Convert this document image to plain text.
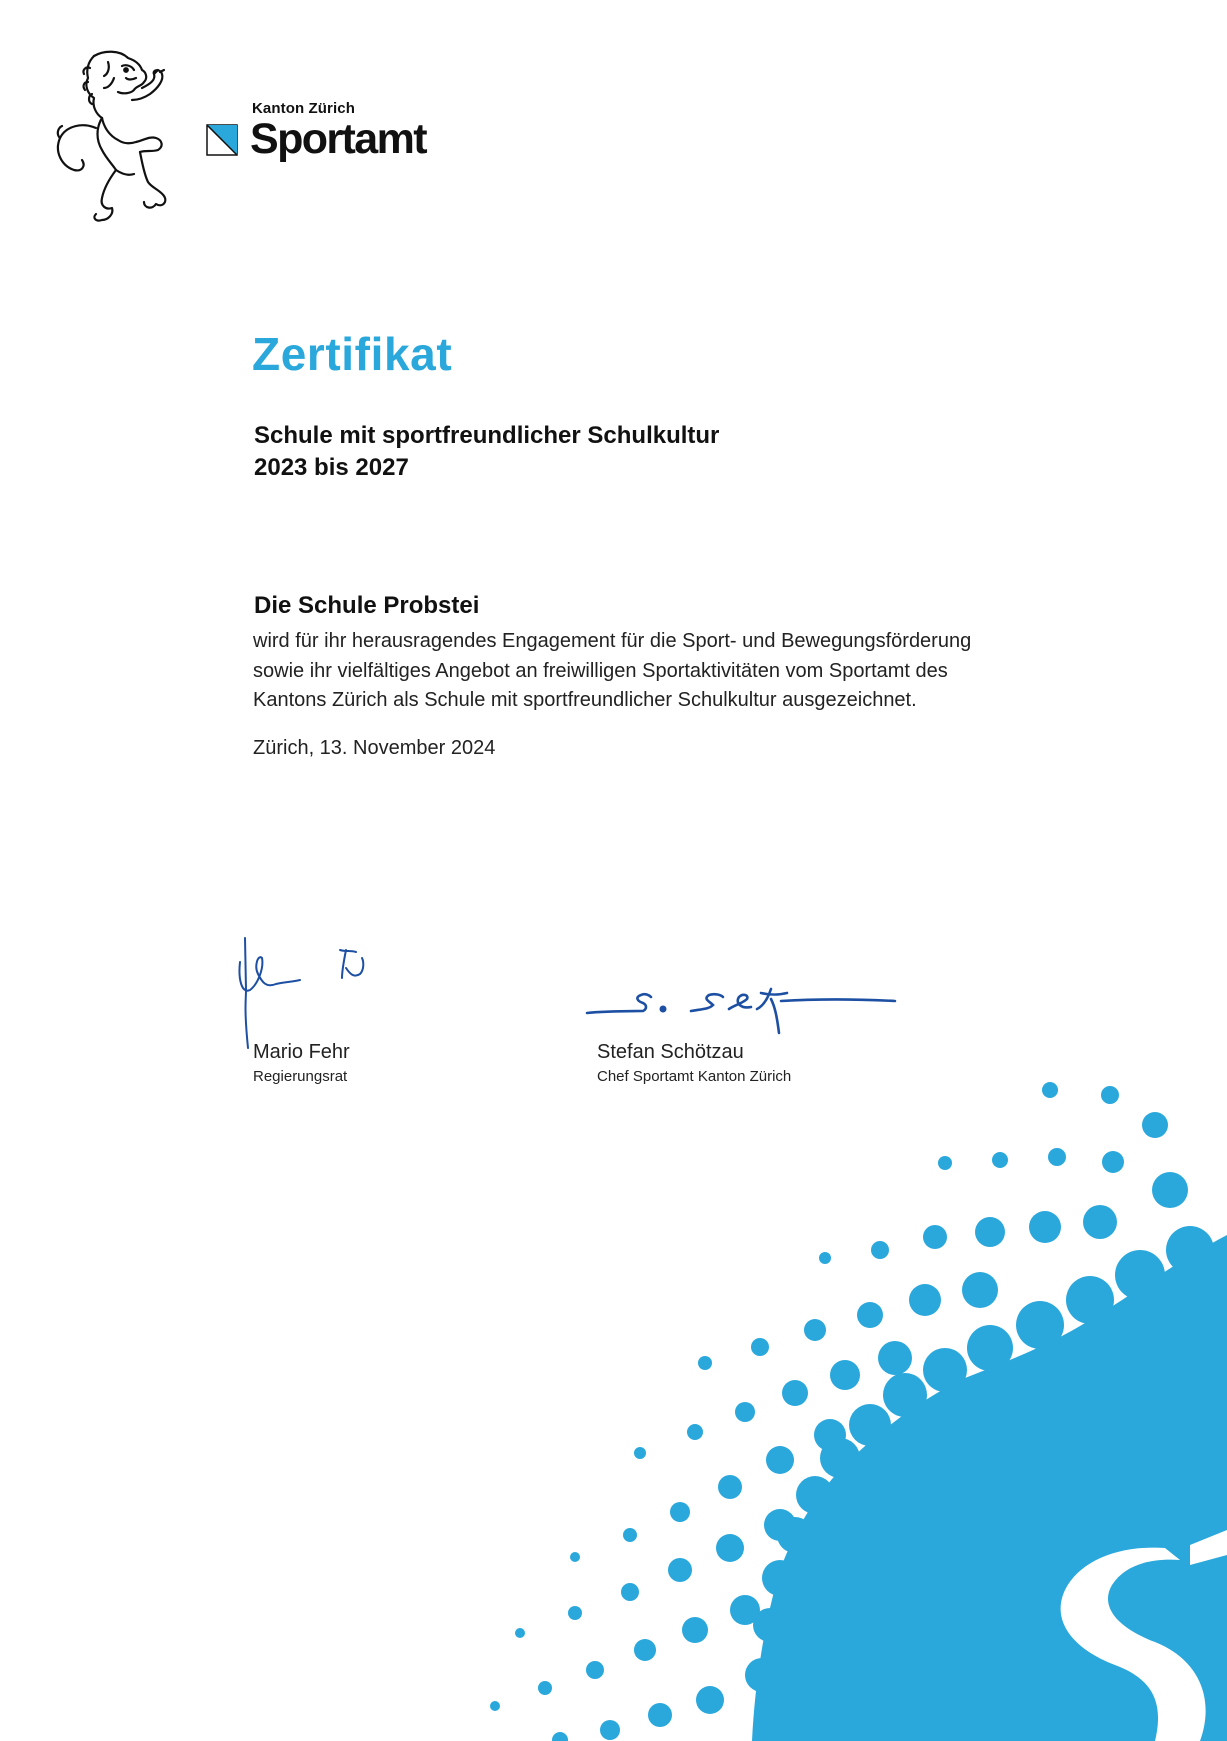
Kanton Zürich
Sportamt
Zertifikat
Schule mit sportfreundlicher Schulkultur
2023 bis 2027
Die Schule Probstei
wird für ihr herausragendes Engagement für die Sport- und Bewegungsförderung
sowie ihr vielfältiges Angebot an freiwilligen Sportaktivitäten vom Sportamt des
Kantons Zürich als Schule mit sportfreundlicher Schulkultur ausgezeichnet.
Zürich, 13. November 2024
Mario Fehr
Regierungsrat
Stefan Schötzau
Chef Sportamt Kanton Zürich
